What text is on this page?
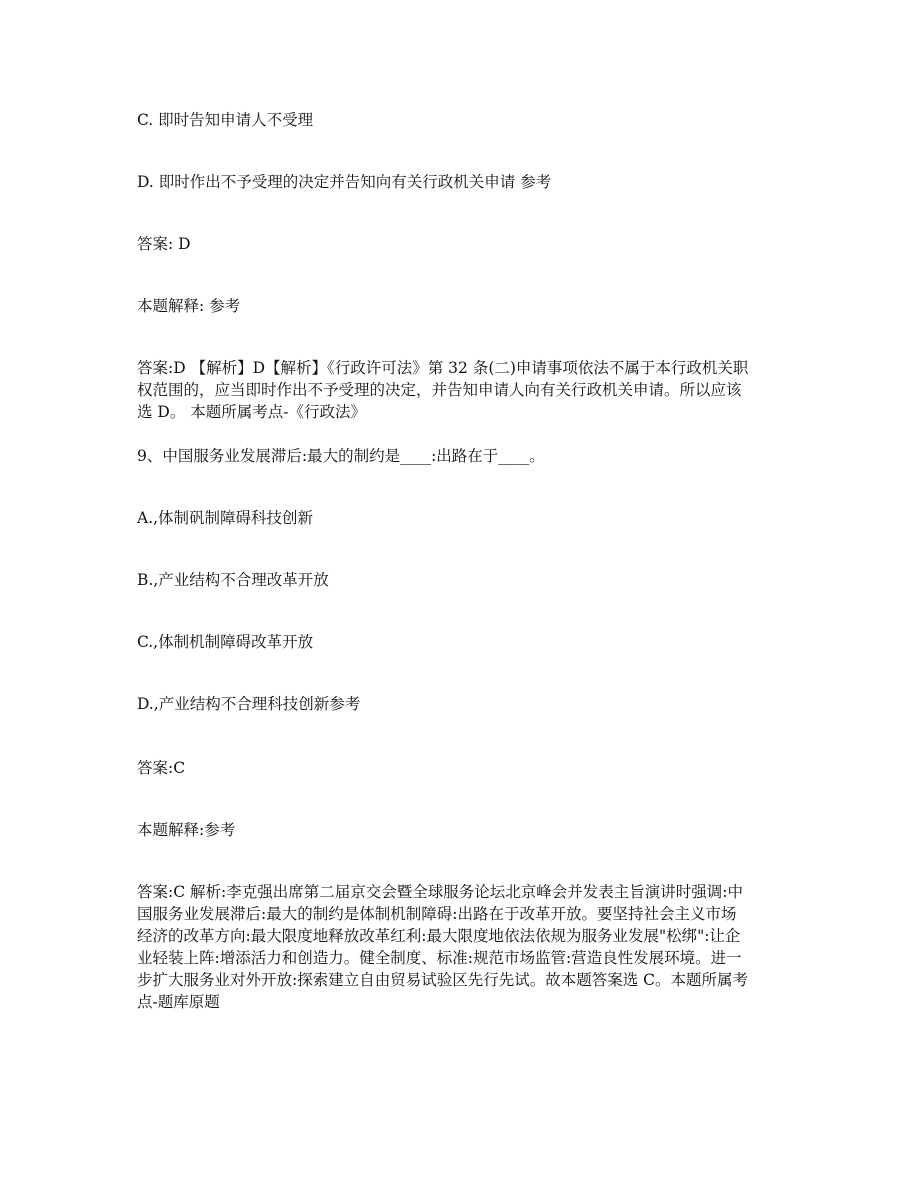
C. 即时告知申请人不受理

D. 即时作出不予受理的决定并告知向有关行政机关申请 参考

答案: D

本题解释: 参考

答案:D 【解析】D【解析】《行政许可法》第 32 条(二)申请事项依法不属于本行政机关职
权范围的，应当即时作出不予受理的决定，并告知申请人向有关行政机关申请。所以应该
选 D。 本题所属考点-《行政法》

9、中国服务业发展滞后:最大的制约是____:出路在于____。

A.,体制矾制障碍科技创新

B.,产业结构不合理改革开放

C.,体制机制障碍改革开放

D.,产业结构不合理科技创新参考

答案:C

本题解释:参考

答案:C 解析:李克强出席第二届京交会暨全球服务论坛北京峰会并发表主旨演讲时强调:中
国服务业发展滞后:最大的制约是体制机制障碍:出路在于改革开放。要坚持社会主义市场
经济的改革方向:最大限度地释放改革红利:最大限度地依法依规为服务业发展"松绑":让企
业轻装上阵:增添活力和创造力。健全制度、标准:规范市场监管:营造良性发展环境。进一
步扩大服务业对外开放:探索建立自由贸易试验区先行先试。故本题答案选 C。本题所属考
点-题库原题
